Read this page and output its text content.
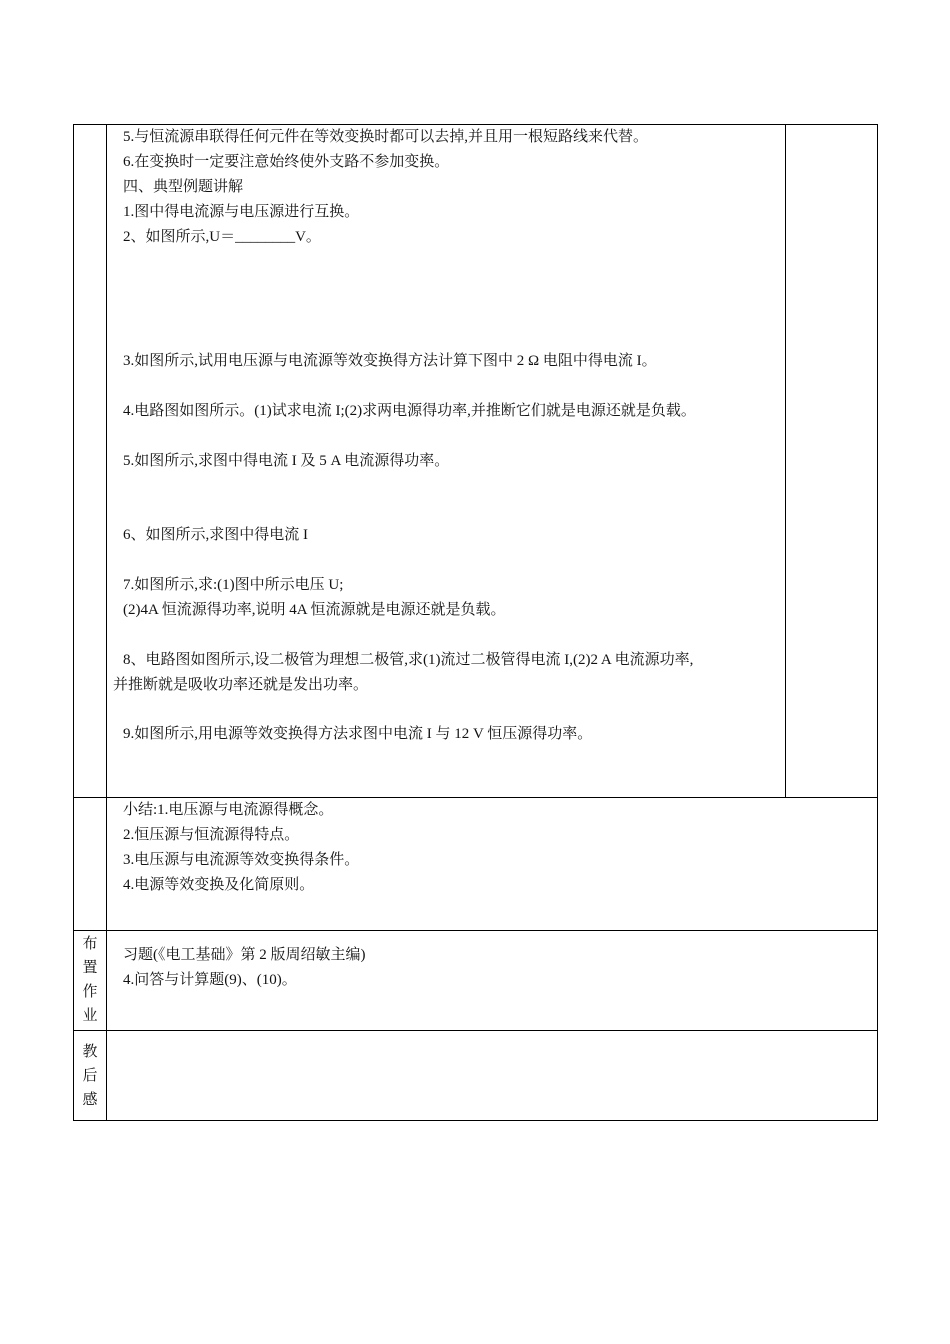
5.与恒流源串联得任何元件在等效变换时都可以去掉,并且用一根短路线来代替。
6.在变换时一定要注意始终使外支路不参加变换。
四、典型例题讲解
1.图中得电流源与电压源进行互换。
2、如图所示,U＝________V。
3.如图所示,试用电压源与电流源等效变换得方法计算下图中 2 Ω 电阻中得电流 I。
4.电路图如图所示。(1)试求电流 I;(2)求两电源得功率,并推断它们就是电源还就是负载。
5.如图所示,求图中得电流 I 及 5 A 电流源得功率。
6、如图所示,求图中得电流 I
7.如图所示,求:(1)图中所示电压 U;
(2)4A 恒流源得功率,说明 4A 恒流源就是电源还就是负载。
8、电路图如图所示,设二极管为理想二极管,求(1)流过二极管得电流 I,(2)2 A 电流源功率,
并推断就是吸收功率还就是发出功率。
9.如图所示,用电源等效变换得方法求图中电流 I 与 12 V 恒压源得功率。
小结:1.电压源与电流源得概念。
2.恒压源与恒流源得特点。
3.电压源与电流源等效变换得条件。
4.电源等效变换及化简原则。
布
置
作
业
习题(《电工基础》第 2 版周绍敏主编)
4.问答与计算题(9)、(10)。
教
后
感
